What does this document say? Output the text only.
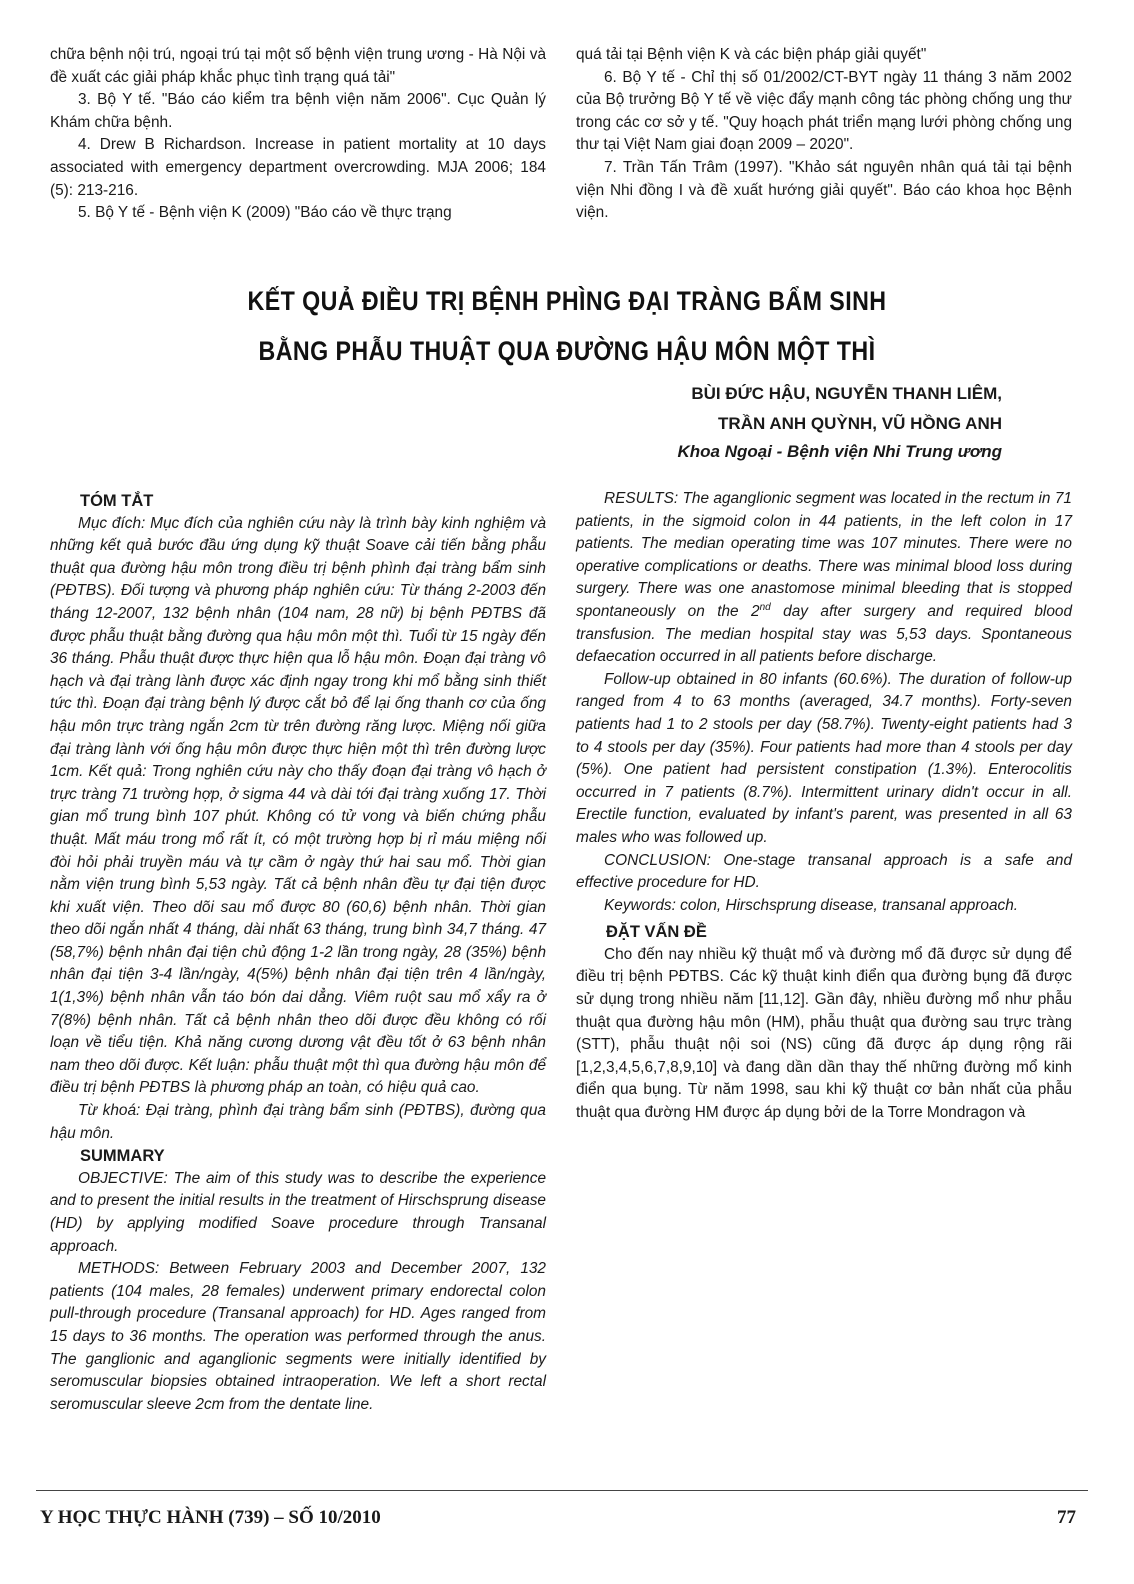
chữa bệnh nội trú, ngoại trú tại một số bệnh viện trung ương - Hà Nội và đề xuất các giải pháp khắc phục tình trạng quá tải"

3. Bộ Y tế. "Báo cáo kiểm tra bệnh viện năm 2006". Cục Quản lý Khám chữa bệnh.

4. Drew B Richardson. Increase in patient mortality at 10 days associated with emergency department overcrowding. MJA 2006; 184 (5): 213-216.

5. Bộ Y tế - Bệnh viện K (2009) "Báo cáo về thực trạng

quá tải tại Bệnh viện K và các biện pháp giải quyết"

6. Bộ Y tế - Chỉ thị số 01/2002/CT-BYT ngày 11 tháng 3 năm 2002 của Bộ trưởng Bộ Y tế về việc đẩy mạnh công tác phòng chống ung thư trong các cơ sở y tế. "Quy hoạch phát triển mạng lưới phòng chống ung thư tại Việt Nam giai đoạn 2009 – 2020".

7. Trần Tấn Trâm (1997). "Khảo sát nguyên nhân quá tải tại bệnh viện Nhi đồng I và đề xuất hướng giải quyết". Báo cáo khoa học Bệnh viện.

KẾT QUẢ ĐIỀU TRỊ BỆNH PHÌNG ĐẠI TRÀNG BẨM SINH
BẰNG PHẪU THUẬT QUA ĐƯỜNG HẬU MÔN MỘT THÌ
BÙI ĐỨC HẬU, NGUYỄN THANH LIÊM,
TRẦN ANH QUỲNH, VŨ HỒNG ANH
Khoa Ngoại - Bệnh viện Nhi Trung ương

TÓM TẮT

Mục đích: Mục đích của nghiên cứu này là trình bày kinh nghiệm và những kết quả bước đầu ứng dụng kỹ thuật Soave cải tiến bằng phẫu thuật qua đường hậu môn trong điều trị bệnh phình đại tràng bẩm sinh (PĐTBS). Đối tượng và phương pháp nghiên cứu: Từ tháng 2-2003 đến tháng 12-2007, 132 bệnh nhân (104 nam, 28 nữ) bị bệnh PĐTBS đã được phẫu thuật bằng đường qua hậu môn một thì. Tuổi từ 15 ngày đến 36 tháng. Phẫu thuật được thực hiện qua lỗ hậu môn. Đoạn đại tràng vô hạch và đại tràng lành được xác định ngay trong khi mổ bằng sinh thiết tức thì. Đoạn đại tràng bệnh lý được cắt bỏ để lại ống thanh cơ của ống hậu môn trực tràng ngắn 2cm từ trên đường răng lược. Miệng nối giữa đại tràng lành với ống hậu môn được thực hiện một thì trên đường lược 1cm. Kết quả: Trong nghiên cứu này cho thấy đoạn đại tràng vô hạch ở trực tràng 71 trường hợp, ở sigma 44 và dài tới đại tràng xuống 17. Thời gian mổ trung bình 107 phút. Không có tử vong và biến chứng phẫu thuật. Mất máu trong mổ rất ít, có một trường hợp bị rỉ máu miệng nối đòi hỏi phải truyền máu và tự cầm ở ngày thứ hai sau mổ. Thời gian nằm viện trung bình 5,53 ngày. Tất cả bệnh nhân đều tự đại tiện được khi xuất viện. Theo dõi sau mổ được 80 (60,6) bệnh nhân. Thời gian theo dõi ngắn nhất 4 tháng, dài nhất 63 tháng, trung bình 34,7 tháng. 47 (58,7%) bệnh nhân đại tiện chủ động 1-2 lần trong ngày, 28 (35%) bệnh nhân đại tiện 3-4 lần/ngày, 4(5%) bệnh nhân đại tiện trên 4 lần/ngày, 1(1,3%) bệnh nhân vẫn táo bón dai dẳng. Viêm ruột sau mổ xẩy ra ở 7(8%) bệnh nhân. Tất cả bệnh nhân theo dõi được đều không có rối loạn về tiểu tiện. Khả năng cương dương vật đều tốt ở 63 bệnh nhân nam theo dõi được. Kết luận: phẫu thuật một thì qua đường hậu môn để điều trị bệnh PĐTBS là phương pháp an toàn, có hiệu quả cao.

Từ khoá: Đại tràng, phình đại tràng bẩm sinh (PĐTBS), đường qua hậu môn.

SUMMARY

OBJECTIVE: The aim of this study was to describe the experience and to present the initial results in the treatment of Hirschsprung disease (HD) by applying modified Soave procedure through Transanal approach.

METHODS: Between February 2003 and December 2007, 132 patients (104 males, 28 females) underwent primary endorectal colon pull-through procedure (Transanal approach) for HD. Ages ranged from 15 days to 36 months. The operation was performed through the anus. The ganglionic and aganglionic segments were initially identified by seromuscular biopsies obtained intraoperation. We left a short rectal seromuscular sleeve 2cm from the dentate line.

RESULTS: The aganglionic segment was located in the rectum in 71 patients, in the sigmoid colon in 44 patients, in the left colon in 17 patients. The median operating time was 107 minutes. There were no operative complications or deaths. There was minimal blood loss during surgery. There was one anastomose minimal bleeding that is stopped spontaneously on the 2nd day after surgery and required blood transfusion. The median hospital stay was 5,53 days. Spontaneous defaecation occurred in all patients before discharge.

Follow-up obtained in 80 infants (60.6%). The duration of follow-up ranged from 4 to 63 months (averaged, 34.7 months). Forty-seven patients had 1 to 2 stools per day (58.7%). Twenty-eight patients had 3 to 4 stools per day (35%). Four patients had more than 4 stools per day (5%). One patient had persistent constipation (1.3%). Enterocolitis occurred in 7 patients (8.7%). Intermittent urinary didn't occur in all. Erectile function, evaluated by infant's parent, was presented in all 63 males who was followed up.

CONCLUSION: One-stage transanal approach is a safe and effective procedure for HD.

Keywords: colon, Hirschsprung disease, transanal approach.

ĐẶT VẤN ĐỀ

Cho đến nay nhiều kỹ thuật mổ và đường mổ đã được sử dụng để điều trị bệnh PĐTBS. Các kỹ thuật kinh điển qua đường bụng đã được sử dụng trong nhiều năm [11,12]. Gần đây, nhiều đường mổ như phẫu thuật qua đường hậu môn (HM), phẫu thuật qua đường sau trực tràng (STT), phẫu thuật nội soi (NS) cũng đã được áp dụng rộng rãi [1,2,3,4,5,6,7,8,9,10] và đang dần dần thay thế những đường mổ kinh điển qua bụng. Từ năm 1998, sau khi kỹ thuật cơ bản nhất của phẫu thuật qua đường HM được áp dụng bởi de la Torre Mondragon và

Y HỌC THỰC HÀNH (739) – SỐ 10/2010	77
